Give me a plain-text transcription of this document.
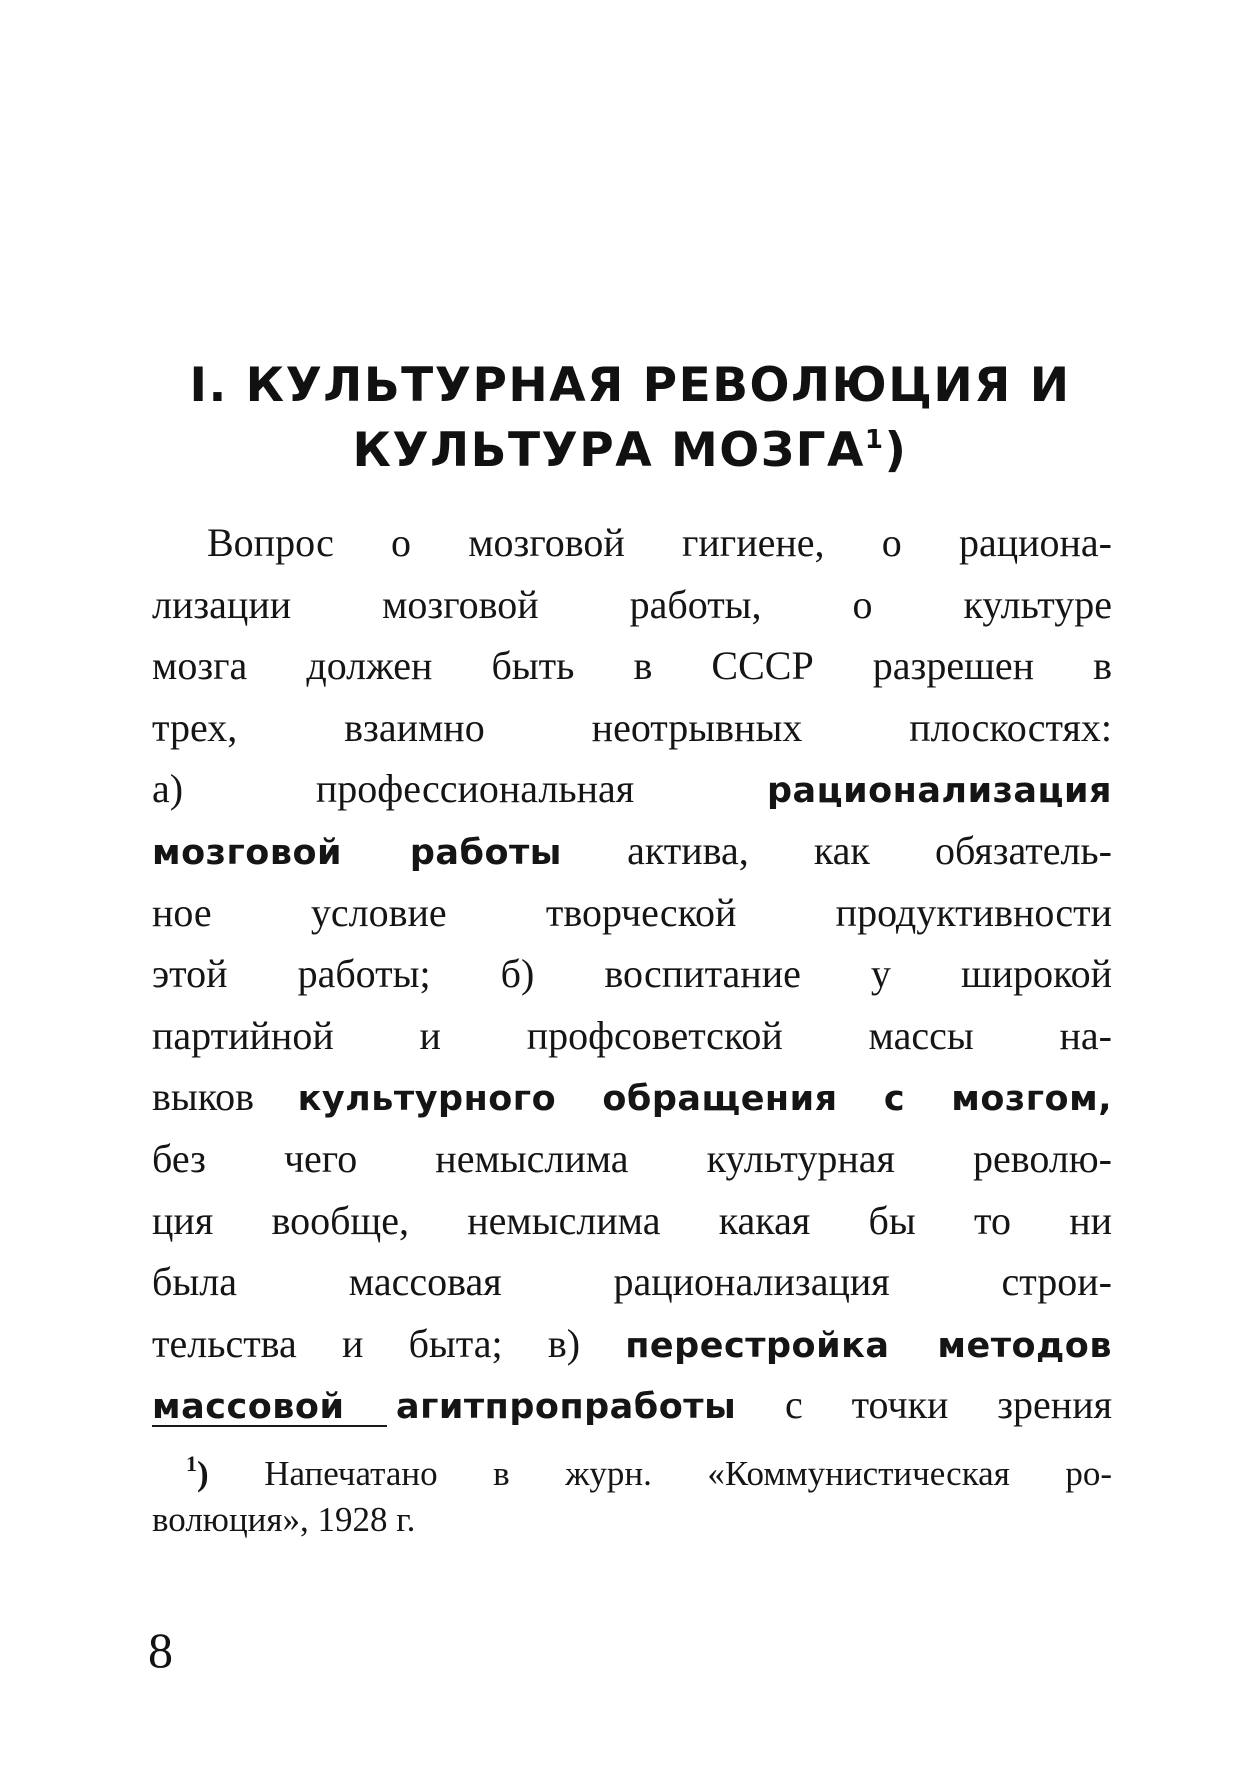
I. КУЛЬТУРНАЯ РЕВОЛЮЦИЯ И
КУЛЬТУРА МОЗГА$^1$)
Вопрос о мозговой гигиене, о рациона-
лизации мозговой работы, о культуре
мозга должен быть в СССР разрешен в
трех, взаимно неотрывных плоскостях:
а) профессиональная	рационализация
мозговой работы актива, как обязатель-
ное условие творческой продуктивности
этой работы; б) воспитание у широкой
партийной и профсоветской массы на-
выков культурного обращения с мозгом,
без чего немыслима культурная револю-
ция вообще, немыслима какая бы то ни
была массовая рационализация строи-
тельства и быта; в) перестройка методов
массовой агитпропработы с точки зрения
$^1$) Напечатано в журн. «Коммунистическая ро-
волюция», 1928 г.
8
